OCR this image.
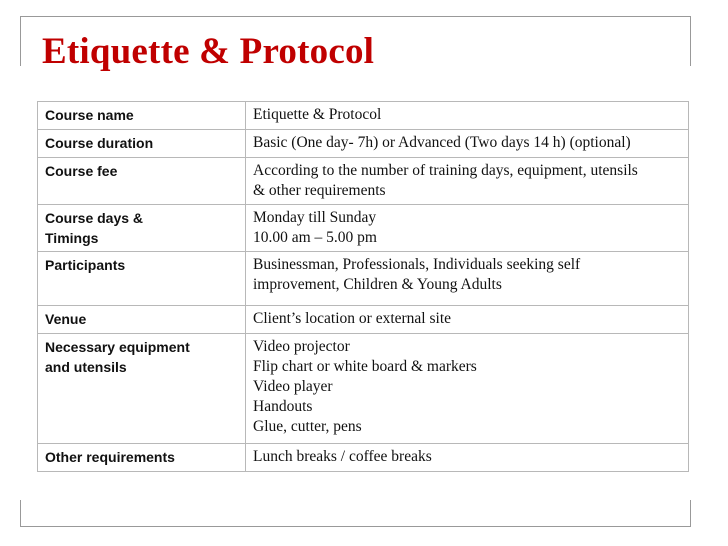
Etiquette & Protocol
Course name	Etiquette & Protocol

Course duration	Basic (One day- 7h) or Advanced (Two days 14 h) (optional)

Course fee	According to the number of training days, equipment, utensils
& other requirements

Course days &
Timings	Monday till Sunday
10.00 am – 5.00 pm

Participants	Businessman, Professionals, Individuals seeking self
improvement, Children & Young Adults

Venue	Client’s location or external site

Necessary equipment
and utensils	Video projector
Flip chart or white board & markers
Video player
Handouts
Glue, cutter, pens

Other requirements	Lunch breaks / coffee breaks
